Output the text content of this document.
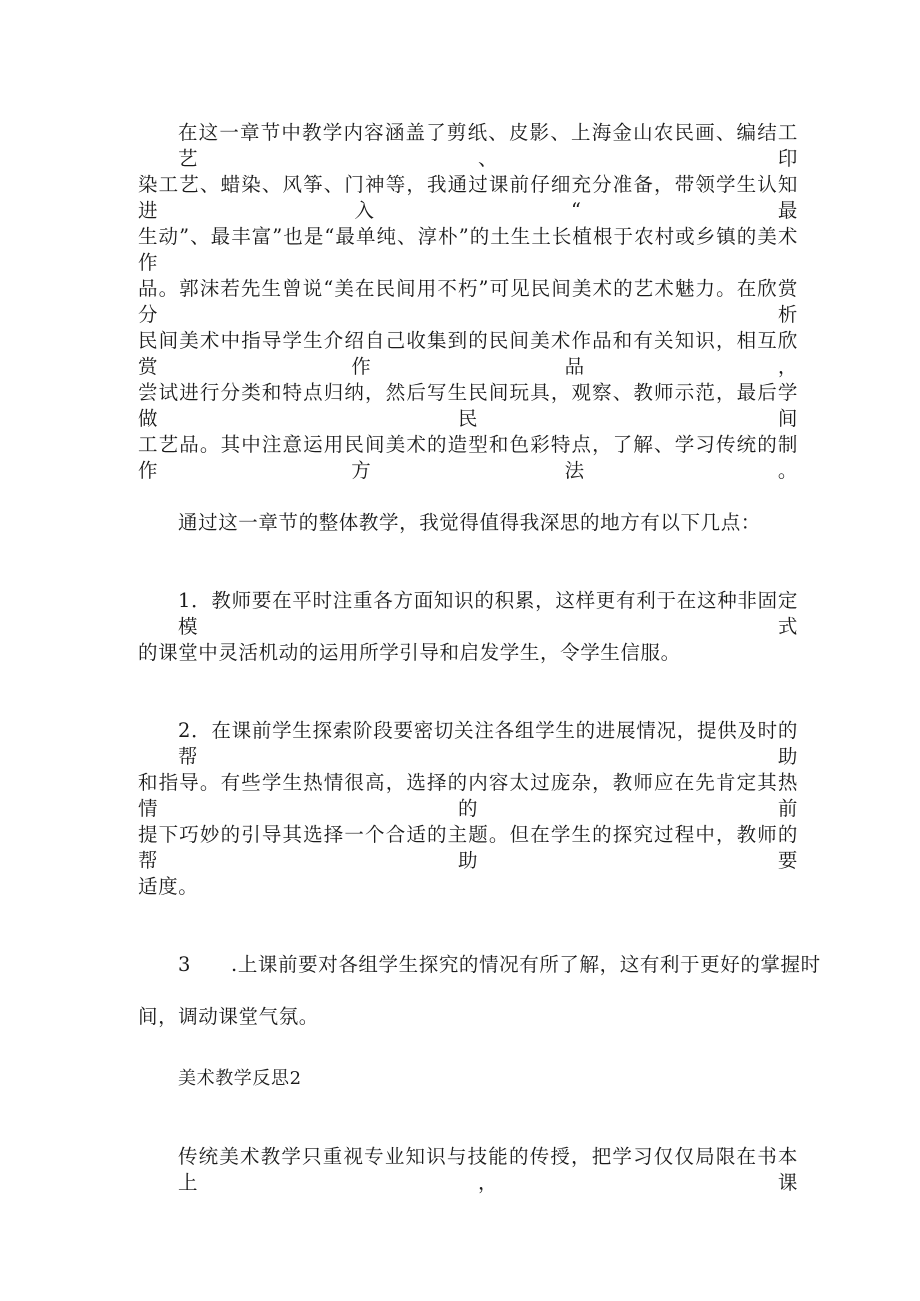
在这一章节中教学内容涵盖了剪纸、皮影、上海金山农民画、编结工艺、印
染工艺、蜡染、风筝、门神等，我通过课前仔细充分准备，带领学生认知进入“最
生动”、最丰富”也是“最单纯、淳朴”的土生土长植根于农村或乡镇的美术作
品。郭沫若先生曾说“美在民间用不朽”可见民间美术的艺术魅力。在欣赏分析
民间美术中指导学生介绍自己收集到的民间美术作品和有关知识，相互欣赏作品，
尝试进行分类和特点归纳，然后写生民间玩具，观察、教师示范，最后学做民间
工艺品。其中注意运用民间美术的造型和色彩特点，了解、学习传统的制作方法。
通过这一章节的整体教学，我觉得值得我深思的地方有以下几点：
1．教师要在平时注重各方面知识的积累，这样更有利于在这种非固定模式
的课堂中灵活机动的运用所学引导和启发学生，令学生信服。
2．在课前学生探索阶段要密切关注各组学生的进展情况，提供及时的帮助
和指导。有些学生热情很高，选择的内容太过庞杂，教师应在先肯定其热情的前
提下巧妙的引导其选择一个合适的主题。但在学生的探究过程中，教师的帮助要
适度。
3 .上课前要对各组学生探究的情况有所了解，这有利于更好的掌握时
间，调动课堂气氛。
美术教学反思2
传统美术教学只重视专业知识与技能的传授，把学习仅仅局限在书本上，课
